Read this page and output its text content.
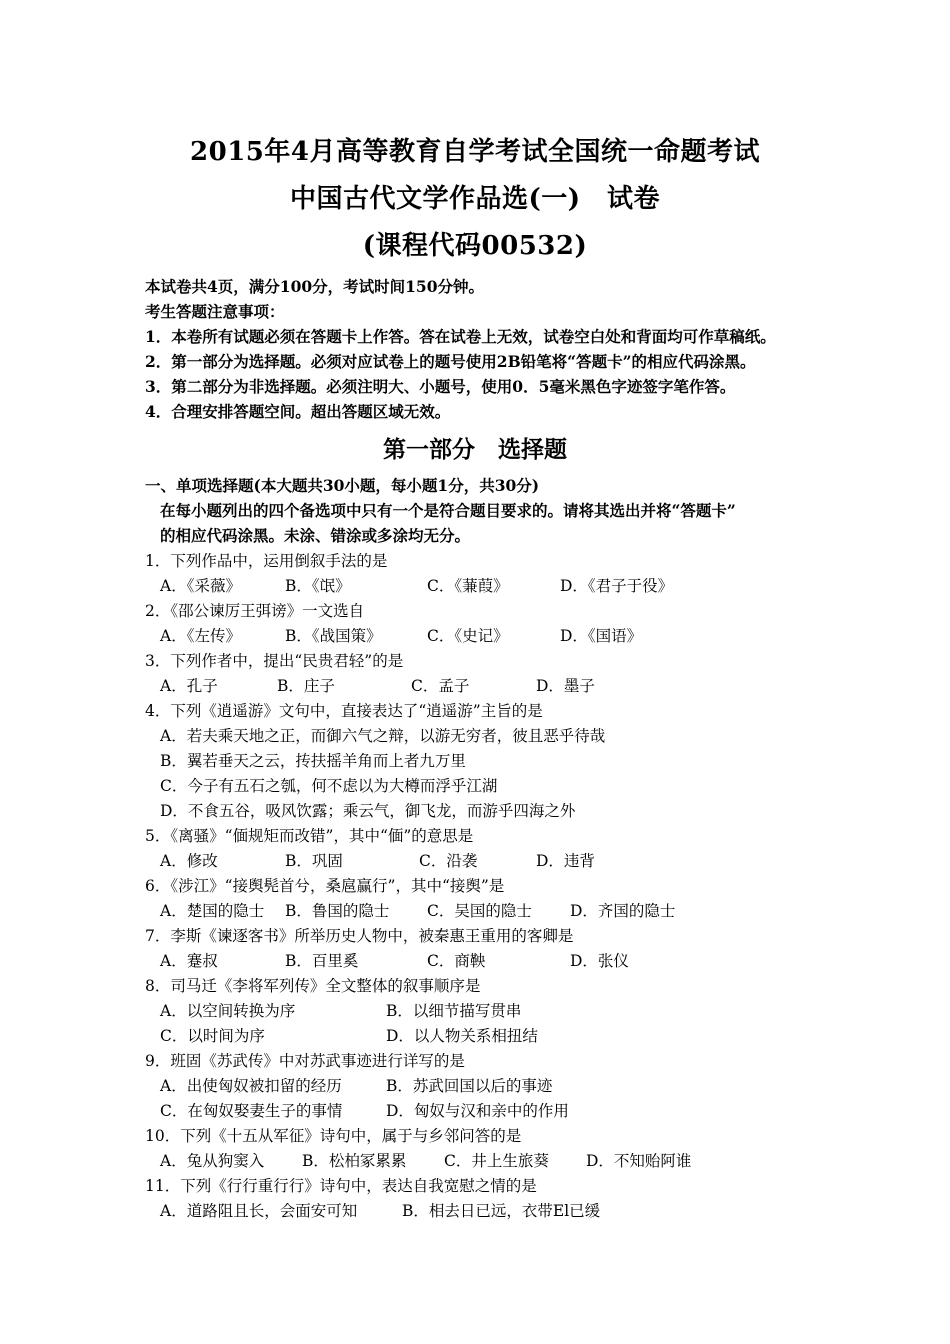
2015年4月高等教育自学考试全国统一命题考试
中国古代文学作品选(一)　试卷
(课程代码00532)
本试卷共4页，满分100分，考试时间150分钟。
考生答题注意事项：
1．本卷所有试题必须在答题卡上作答。答在试卷上无效，试卷空白处和背面均可作草稿纸。
2．第一部分为选择题。必须对应试卷上的题号使用2B铅笔将“答题卡”的相应代码涂黑。
3．第二部分为非选择题。必须注明大、小题号，使用0．5毫米黑色字迹签字笔作答。
4．合理安排答题空间。超出答题区域无效。
第一部分　选择题
一、单项选择题(本大题共30小题，每小题1分，共30分)
在每小题列出的四个备选项中只有一个是符合题目要求的。请将其选出并将“答题卡”
的相应代码涂黑。未涂、错涂或多涂均无分。
1．下列作品中，运用倒叙手法的是
A．《采薇》	B．《氓》	C．《蒹葭》	D．《君子于役》
2．《邵公谏厉王弭谤》一文选自
A．《左传》	B．《战国策》	C．《史记》	D．《国语》
3．下列作者中，提出“民贵君轻”的是
A．孔子	B．庄子	C．孟子	D．墨子
4．下列《逍遥游》文句中，直接表达了“逍遥游”主旨的是
A．若夫乘天地之正，而御六气之辩，以游无穷者，彼且恶乎待哉
B．翼若垂天之云，抟扶摇羊角而上者九万里
C．今子有五石之瓠，何不虑以为大樽而浮乎江湖
D．不食五谷，吸风饮露；乘云气，御飞龙，而游乎四海之外
5．《离骚》“偭规矩而改错”，其中“偭”的意思是
A．修改	B．巩固	C．沿袭	D．违背
6．《涉江》“接舆髡首兮，桑扈赢行”，其中“接舆”是
A．楚国的隐士 B．鲁国的隐士 C．吴国的隐士 D．齐国的隐士
7．李斯《谏逐客书》所举历史人物中，被秦惠王重用的客卿是
A．蹇叔	B．百里奚	C．商鞅	D．张仪
8．司马迁《李将军列传》全文整体的叙事顺序是
A．以空间转换为序	B．以细节描写贯串
C．以时间为序	D．以人物关系相扭结
9．班固《苏武传》中对苏武事迹进行详写的是
A．出使匈奴被扣留的经历	B．苏武回国以后的事迹
C．在匈奴娶妻生子的事情	D．匈奴与汉和亲中的作用
10．下列《十五从军征》诗句中，属于与乡邻问答的是
A．兔从狗窦入 B．松柏冢累累 C．井上生旅葵 D．不知贻阿谁
11．下列《行行重行行》诗句中，表达自我宽慰之情的是
A．道路阻且长，会面安可知	B．相去日已远，衣带El已缓
